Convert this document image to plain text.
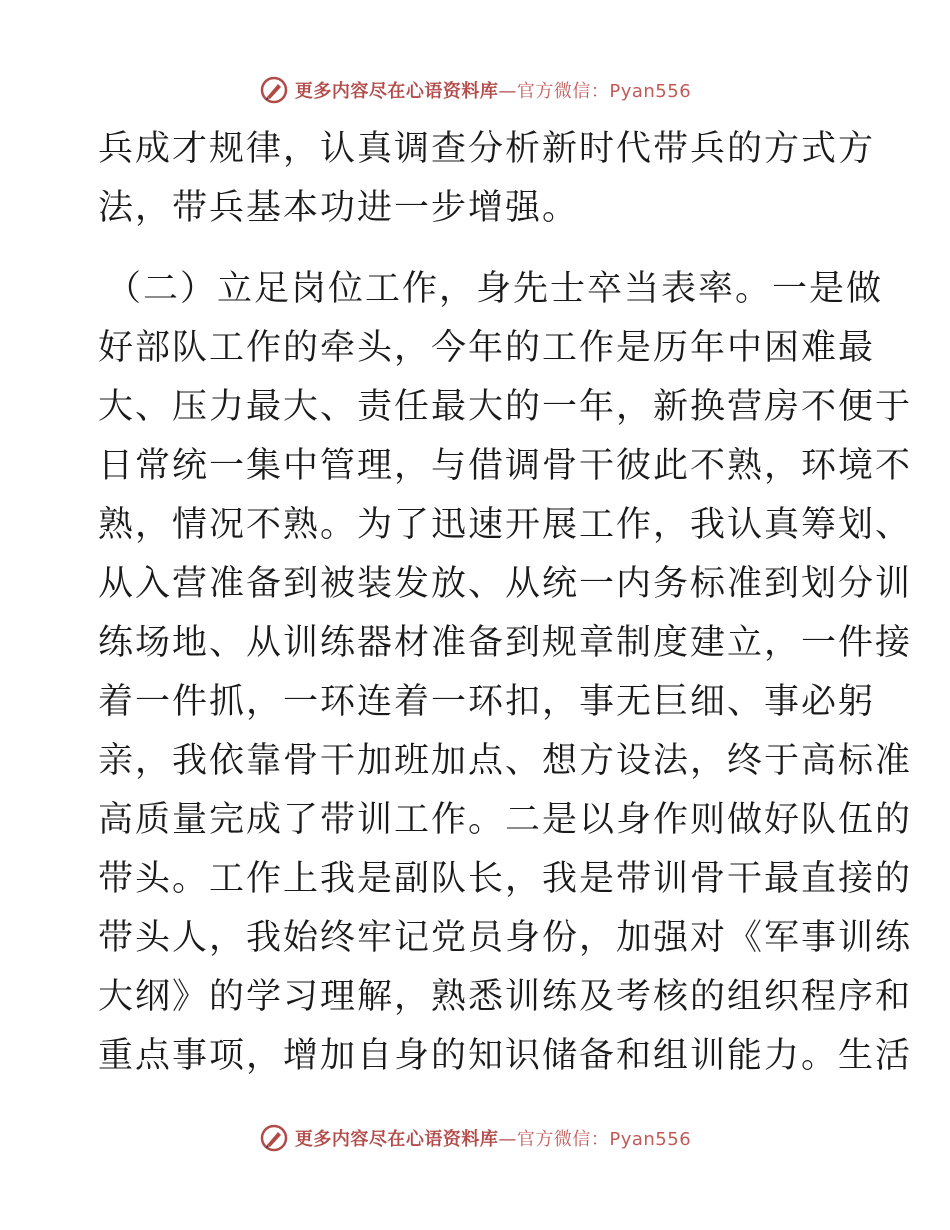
更多内容尽在心语资料库—官方微信：Pyan556
兵成才规律，认真调查分析新时代带兵的方式方
法，带兵基本功进一步增强。
（二）立足岗位工作，身先士卒当表率。一是做
好部队工作的牵头，今年的工作是历年中困难最
大、压力最大、责任最大的一年，新换营房不便于
日常统一集中管理，与借调骨干彼此不熟，环境不
熟，情况不熟。为了迅速开展工作，我认真筹划、
从入营准备到被装发放、从统一内务标准到划分训
练场地、从训练器材准备到规章制度建立，一件接
着一件抓，一环连着一环扣，事无巨细、事必躬
亲，我依靠骨干加班加点、想方设法，终于高标准
高质量完成了带训工作。二是以身作则做好队伍的
带头。工作上我是副队长，我是带训骨干最直接的
带头人，我始终牢记党员身份，加强对《军事训练
大纲》的学习理解，熟悉训练及考核的组织程序和
重点事项，增加自身的知识储备和组训能力。生活
更多内容尽在心语资料库—官方微信：Pyan556
